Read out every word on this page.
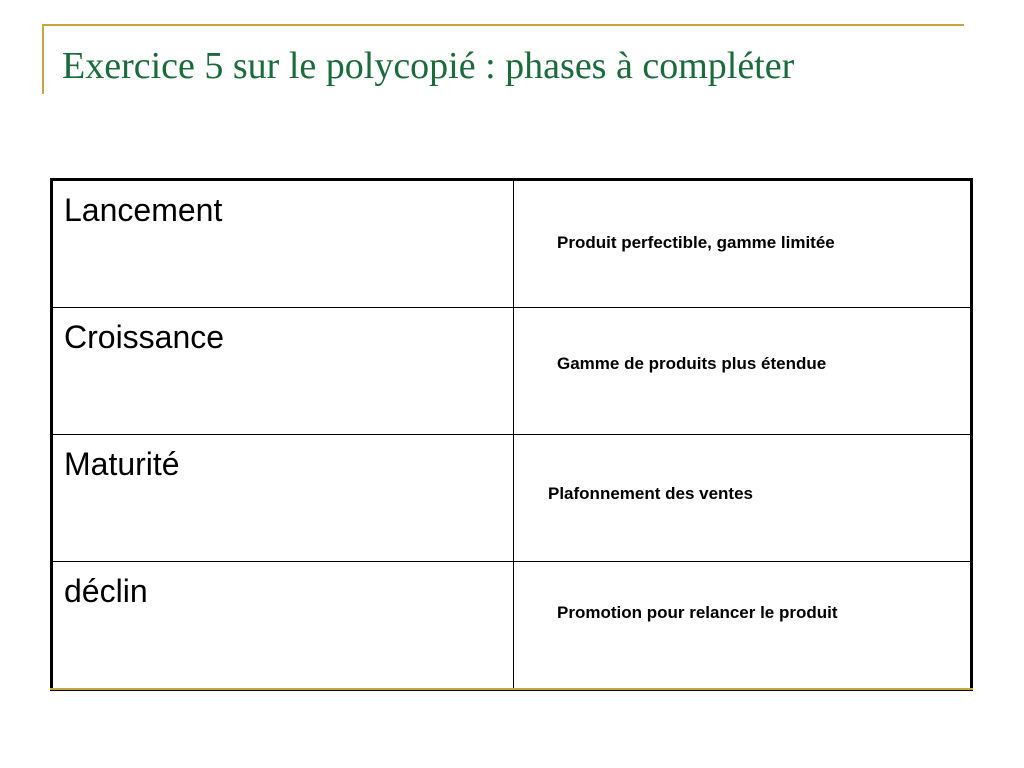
Exercice 5 sur le polycopié : phases à compléter
Lancement	Produit perfectible, gamme limitée

Croissance	Gamme de produits plus étendue

Maturité	Plafonnement des ventes

déclin	Promotion pour relancer le produit
